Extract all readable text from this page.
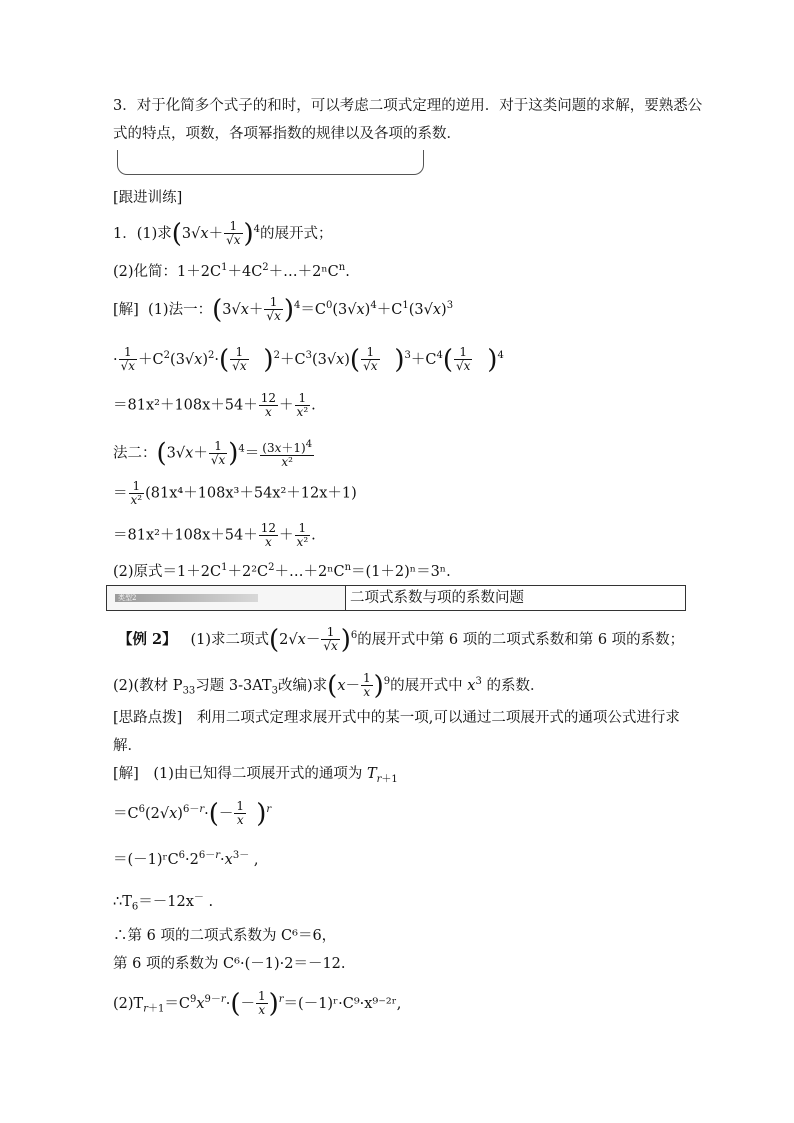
3．对于化简多个式子的和时，可以考虑二项式定理的逆用．对于这类问题的求解，要熟悉公
式的特点，项数，各项幂指数的规律以及各项的系数．
[跟进训练]
1．(1)求$(3√x+ \frac{1}{√x} )^4$的展开式；
(2)化简：$1+2C^1+4C^2+\dots+2^nC^n$.
[解] (1)法一：$(3√x+ \frac{1}{√x} )^4=C^0(3√x)^4+C^1(3√x)^3$
· $\frac{1}{√x} +C^2(3√x)^2\cdot( \frac{1}{√x} )^2+C^3(3√x)( \frac{1}{√x} )^3+C^4( \frac{1}{√x} )^4$
$=81x^2+108x+54+ \frac{12}{x} + \frac{1}{\text{x²}}$ .
法二：$(3√x+ \frac{1}{√x} )^4= \frac{(3x+1)^4}{\text{x²}}$
＝ $\frac{1}{\text{x²}} (81x^4+108x^3+54x^2+12x+1)$
$=81x^2+108x+54+ \frac{12}{x} + \frac{1}{\text{x²}}$ .
(2)原式$=1+2C^1+2^2C^2+\dots+2^nC^n=(1+2)^n=3^n$.
类型2	二项式系数与项的系数问题
【例 2】 (1)求二项式$(2√x- \frac{1}{√x} )^6$的展开式中第 6 项的二项式系数和第 6 项的系数；
(2)(教材 $P_{33}$习题 $3-3AT_3$改编)求$(x- \frac{1}{x} )^9$的展开式中 $x^3$ 的系数．
[思路点拨]　利用二项式定理求展开式中的某一项,可以通过二项展开式的通项公式进行求
解．
[解]　(1)由已知得二项展开式的通项为 $T_{r+1}$
$=C^6(2√x)^{6-r}\cdot(- \frac{1}{x} )^r$
$=(-1)ʳC^6\cdot 2^{6-r}\cdot x^{3-}$ ,
$\therefore T_6=-12x^-$ .
∴第 6 项的二项式系数为 C⁶＝6，
第 6 项的系数为 C⁶·(－1)·2＝－12.
$(2)T_{r+1}=C^9x^{9-r}\cdot(- \frac{1}{x}$ )$^r=(-1)ʳ\cdot C^9\cdot x^{9-2}ʳ$,
